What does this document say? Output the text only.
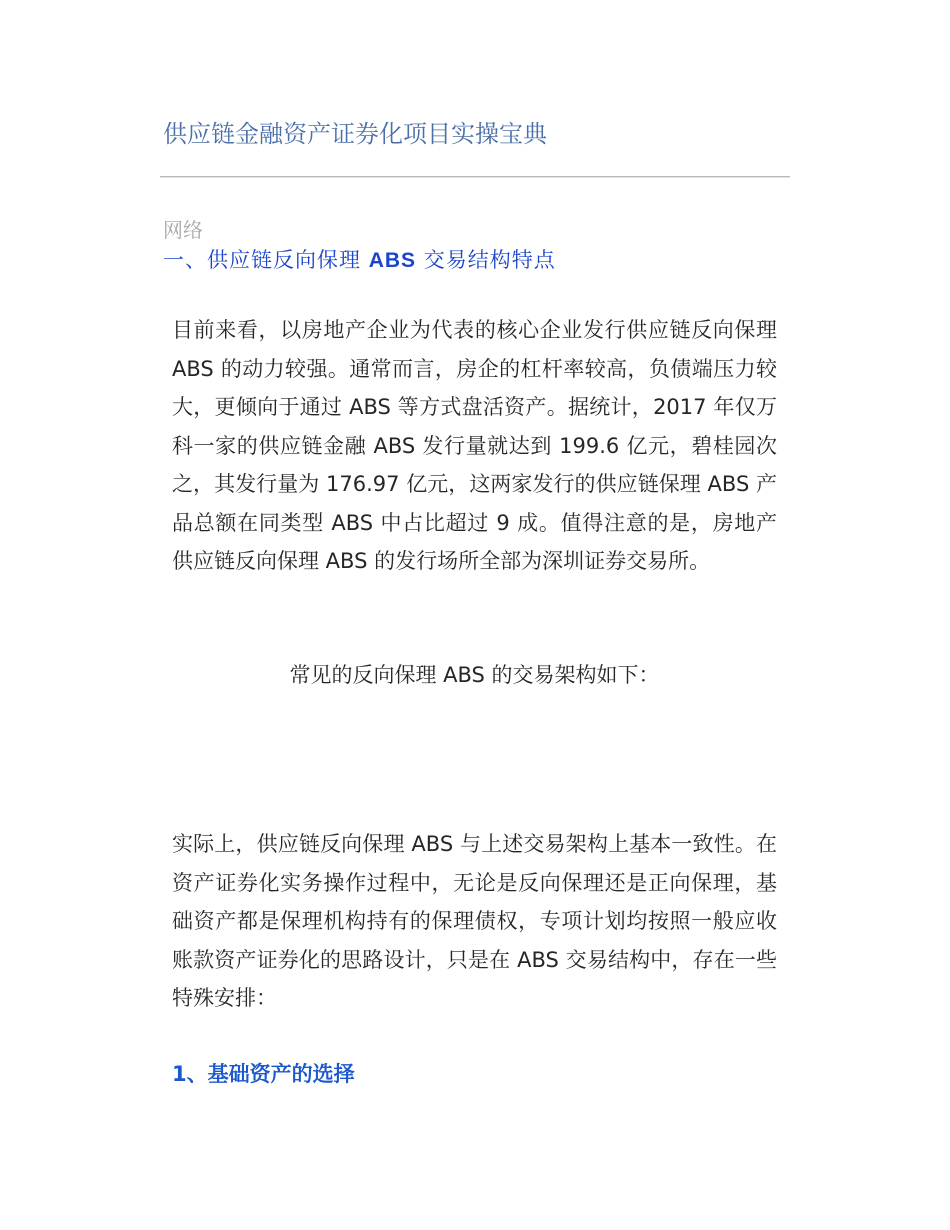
供应链金融资产证券化项目实操宝典
网络
一、供应链反向保理 ABS 交易结构特点
目前来看，以房地产企业为代表的核心企业发行供应链反向保理 ABS 的动力较强。通常而言，房企的杠杆率较高，负债端压力较大，更倾向于通过 ABS 等方式盘活资产。据统计，2017 年仅万科一家的供应链金融 ABS 发行量就达到 199.6 亿元，碧桂园次之，其发行量为 176.97 亿元，这两家发行的供应链保理 ABS 产品总额在同类型 ABS 中占比超过 9 成。值得注意的是，房地产供应链反向保理 ABS 的发行场所全部为深圳证券交易所。
常见的反向保理 ABS 的交易架构如下：
实际上，供应链反向保理 ABS 与上述交易架构上基本一致性。在资产证券化实务操作过程中，无论是反向保理还是正向保理，基础资产都是保理机构持有的保理债权，专项计划均按照一般应收账款资产证券化的思路设计，只是在 ABS 交易结构中，存在一些特殊安排：
1、基础资产的选择
